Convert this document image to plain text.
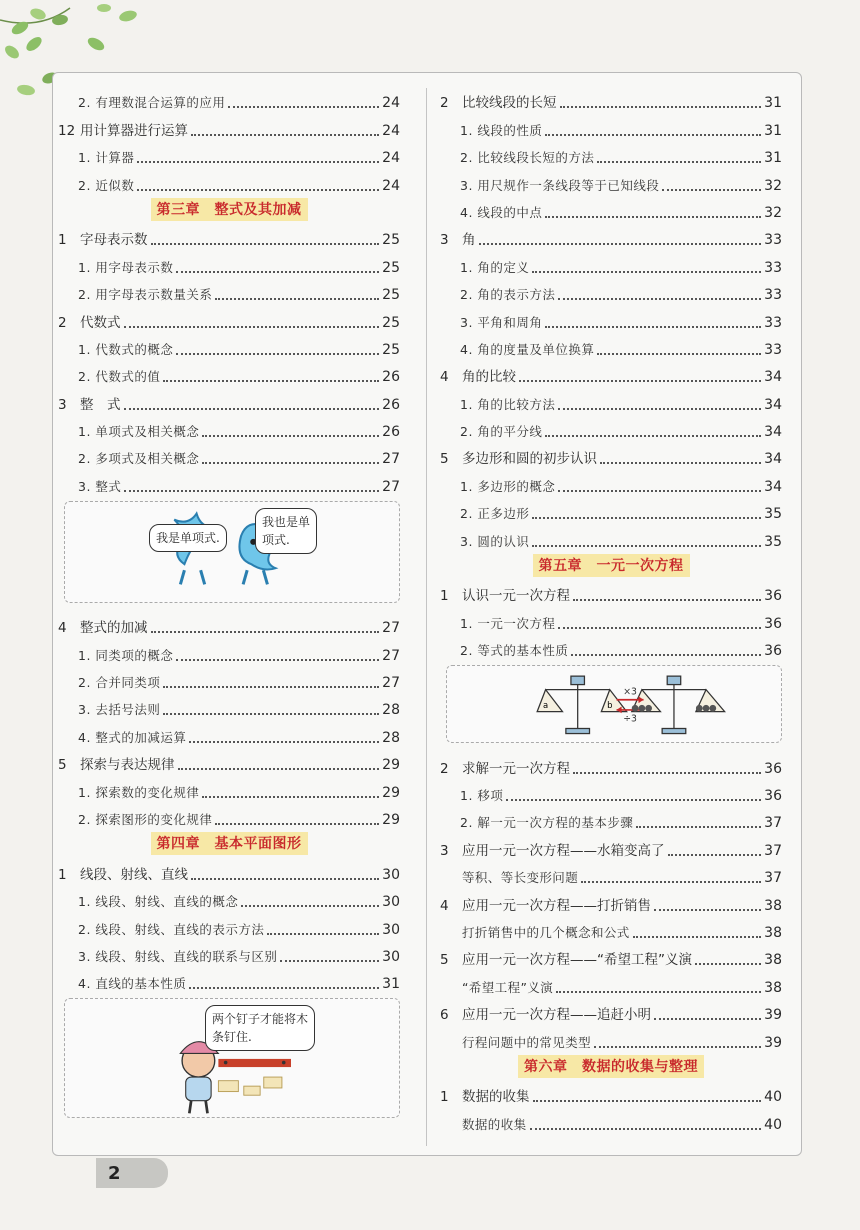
2. 有理数混合运算的应用	24
12 用计算器进行运算	24
1. 计算器	24
2. 近似数	24
第三章　整式及其加减
1 字母表示数	25
1. 用字母表示数	25
2. 用字母表示数量关系	25
2 代数式	25
1. 代数式的概念	25
2. 代数式的值	26
3 整　式	26
1. 单项式及相关概念	26
2. 多项式及相关概念	27
3. 整式	27
我是单项式.
我也是单项式.
4 整式的加减	27
1. 同类项的概念	27
2. 合并同类项	27
3. 去括号法则	28
4. 整式的加减运算	28
5 探索与表达规律	29
1. 探索数的变化规律	29
2. 探索图形的变化规律	29
第四章　基本平面图形
1 线段、射线、直线	30
1. 线段、射线、直线的概念	30
2. 线段、射线、直线的表示方法	30
3. 线段、射线、直线的联系与区别	30
4. 直线的基本性质	31
两个钉子才能将木条钉住.
2 比较线段的长短	31
1. 线段的性质	31
2. 比较线段长短的方法	31
3. 用尺规作一条线段等于已知线段	32
4. 线段的中点	32
3 角	33
1. 角的定义	33
2. 角的表示方法	33
3. 平角和周角	33
4. 角的度量及单位换算	33
4 角的比较	34
1. 角的比较方法	34
2. 角的平分线	34
5 多边形和圆的初步认识	34
1. 多边形的概念	34
2. 正多边形	35
3. 圆的认识	35
第五章　一元一次方程
1 认识一元一次方程	36
1. 一元一次方程	36
2. 等式的基本性质	36
a	b
×3
÷3
2 求解一元一次方程	36
1. 移项	36
2. 解一元一次方程的基本步骤	37
3 应用一元一次方程——水箱变高了	37
等积、等长变形问题	37
4 应用一元一次方程——打折销售	38
打折销售中的几个概念和公式	38
5 应用一元一次方程——“希望工程”义演	38
“希望工程”义演	38
6 应用一元一次方程——追赶小明	39
行程问题中的常见类型	39
第六章　数据的收集与整理
1 数据的收集	40
数据的收集	40
2
